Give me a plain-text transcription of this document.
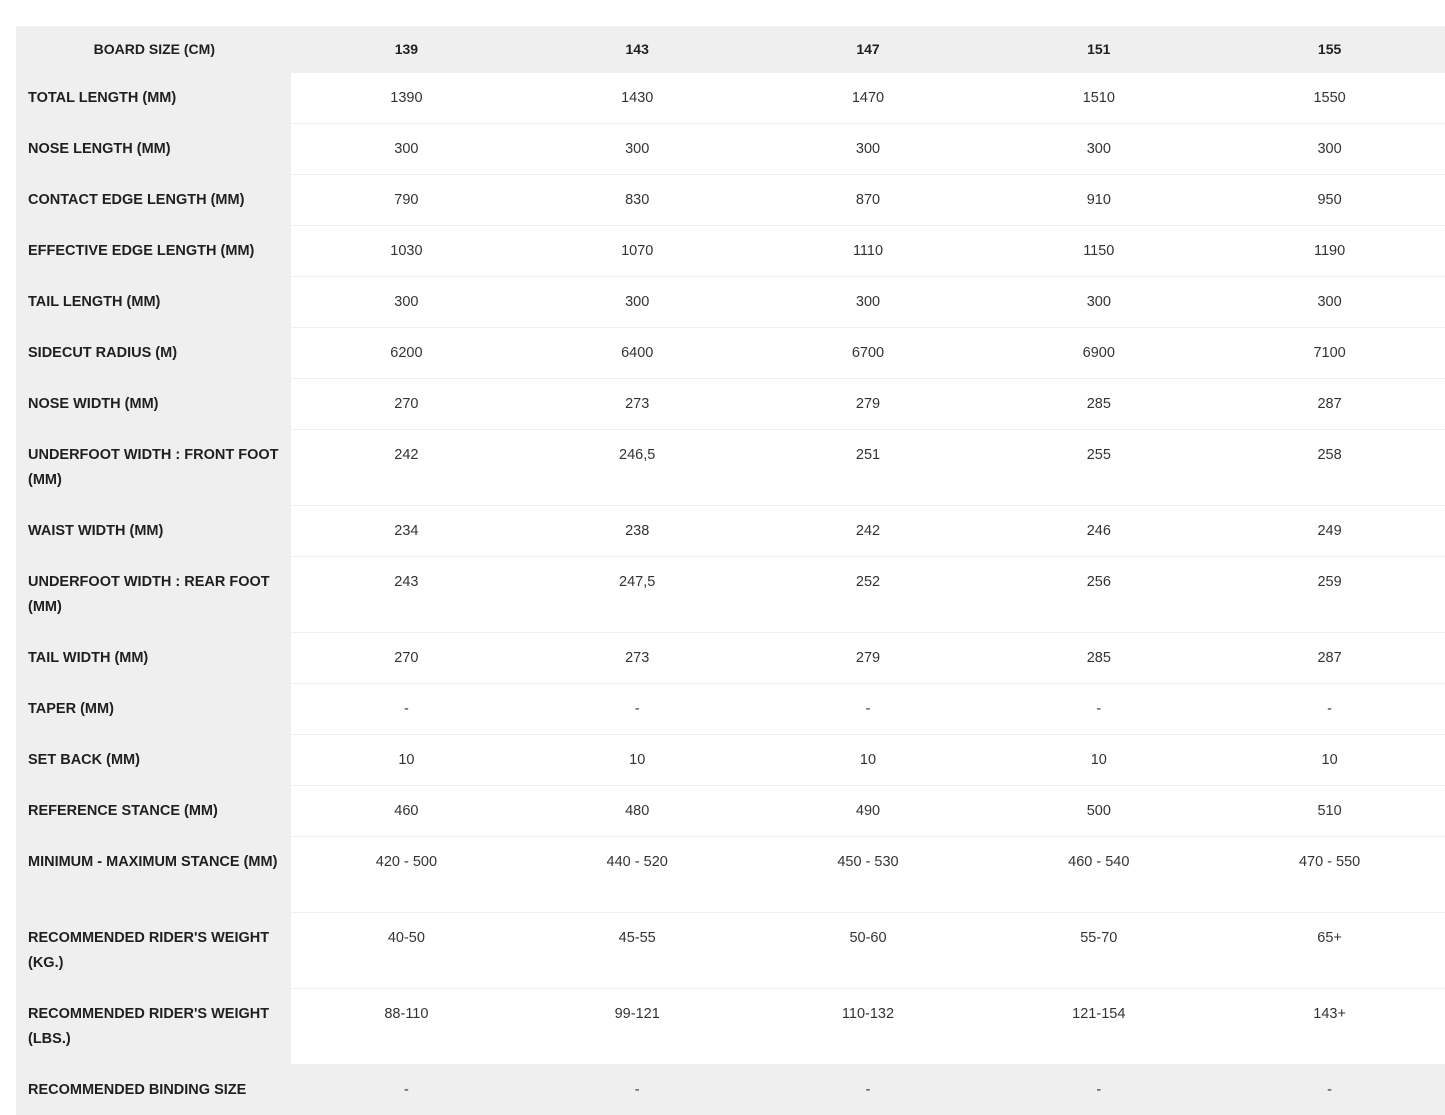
BOARD SIZE (CM)	139	143	147	151	155
TOTAL LENGTH (MM)	1390	1430	1470	1510	1550
NOSE LENGTH (MM)	300	300	300	300	300
CONTACT EDGE LENGTH (MM)	790	830	870	910	950
EFFECTIVE EDGE LENGTH (MM)	1030	1070	1110	1150	1190
TAIL LENGTH (MM)	300	300	300	300	300
SIDECUT RADIUS (M)	6200	6400	6700	6900	7100
NOSE WIDTH (MM)	270	273	279	285	287
UNDERFOOT WIDTH : FRONT FOOT (MM)	242	246,5	251	255	258
WAIST WIDTH (MM)	234	238	242	246	249
UNDERFOOT WIDTH : REAR FOOT (MM)	243	247,5	252	256	259
TAIL WIDTH (MM)	270	273	279	285	287
TAPER (MM)	-	-	-	-	-
SET BACK (MM)	10	10	10	10	10
REFERENCE STANCE (MM)	460	480	490	500	510
MINIMUM - MAXIMUM STANCE (MM)	420 - 500	440 - 520	450 - 530	460 - 540	470 - 550
RECOMMENDED RIDER'S WEIGHT (KG.)	40-50	45-55	50-60	55-70	65+
RECOMMENDED RIDER'S WEIGHT (LBS.)	88-110	99-121	110-132	121-154	143+
RECOMMENDED BINDING SIZE	-	-	-	-	-
